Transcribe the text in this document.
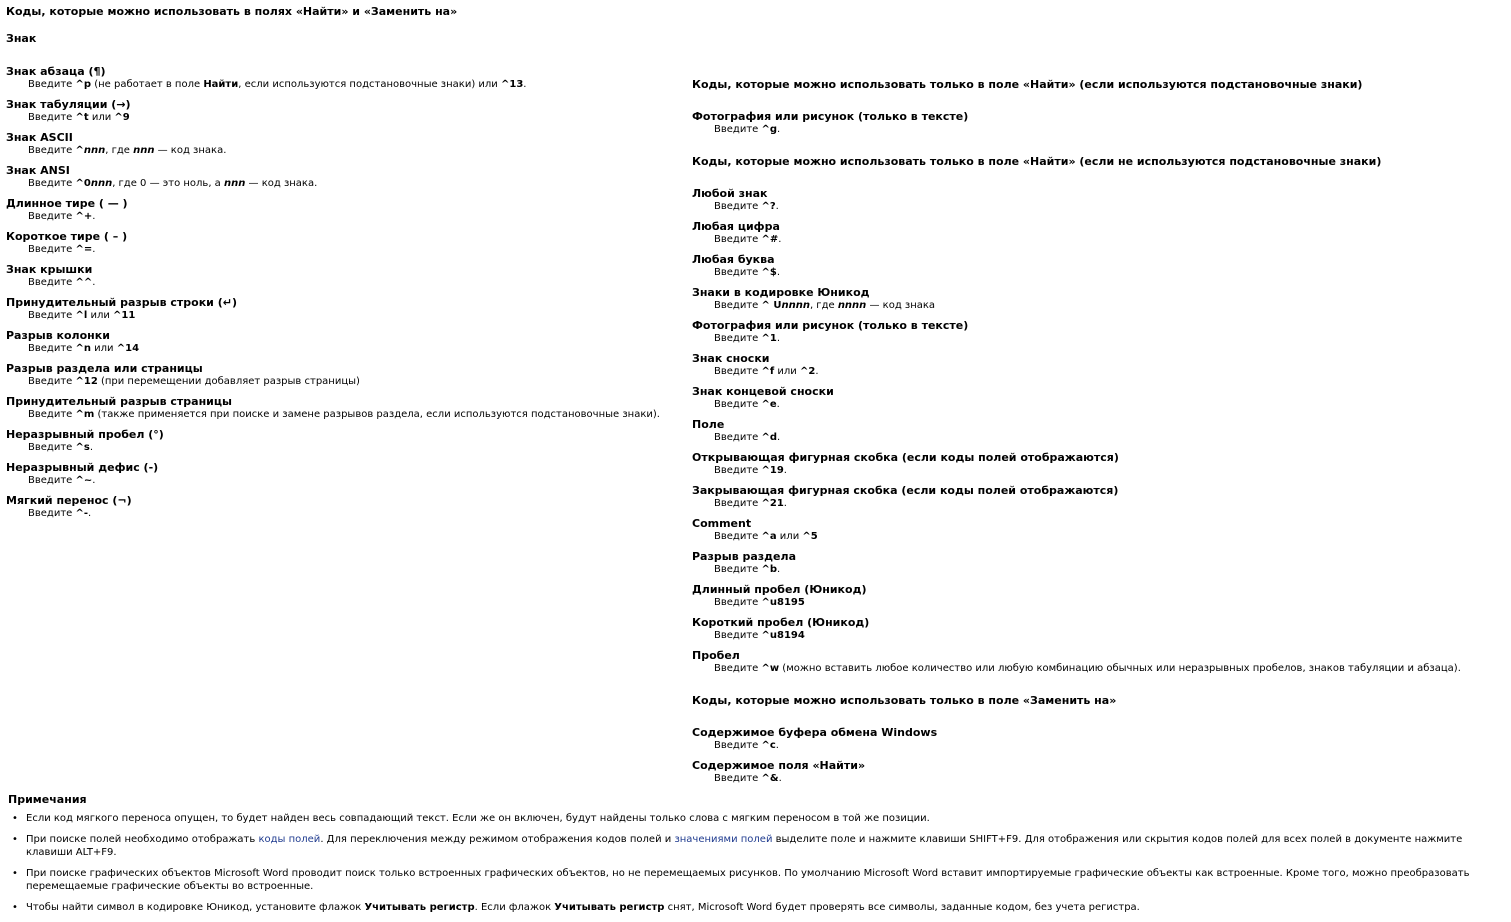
Коды, которые можно использовать в полях «Найти» и «Заменить на»
Знак
Знак абзаца (¶)
Введите ^p (не работает в поле Найти, если используются подстановочные знаки) или ^13.
Знак табуляции (→)
Введите ^t или ^9
Знак ASCII
Введите ^nnn, где nnn — код знака.
Знак ANSI
Введите ^0nnn, где 0 — это ноль, а nnn — код знака.
Длинное тире ( — )
Введите ^+.
Короткое тире ( – )
Введите ^=.
Знак крышки
Введите ^^.
Принудительный разрыв строки (↵)
Введите ^l или ^11
Разрыв колонки
Введите ^n или ^14
Разрыв раздела или страницы
Введите ^12 (при перемещении добавляет разрыв страницы)
Принудительный разрыв страницы
Введите ^m (также применяется при поиске и замене разрывов раздела, если используются подстановочные знаки).
Неразрывный пробел (°)
Введите ^s.
Неразрывный дефис (‑)
Введите ^~.
Мягкий перенос (¬)
Введите ^-.
Коды, которые можно использовать только в поле «Найти» (если используются подстановочные знаки)
Фотография или рисунок (только в тексте)
Введите ^g.
Коды, которые можно использовать только в поле «Найти» (если не используются подстановочные знаки)
Любой знак
Введите ^?.
Любая цифра
Введите ^#.
Любая буква
Введите ^$.
Знаки в кодировке Юникод
Введите ^ Unnnn, где nnnn — код знака
Фотография или рисунок (только в тексте)
Введите ^1.
Знак сноски
Введите ^f или ^2.
Знак концевой сноски
Введите ^e.
Поле
Введите ^d.
Открывающая фигурная скобка (если коды полей отображаются)
Введите ^19.
Закрывающая фигурная скобка (если коды полей отображаются)
Введите ^21.
Comment
Введите ^a или ^5
Разрыв раздела
Введите ^b.
Длинный пробел (Юникод)
Введите ^u8195
Короткий пробел (Юникод)
Введите ^u8194
Пробел
Введите ^w (можно вставить любое количество или любую комбинацию обычных или неразрывных пробелов, знаков табуляции и абзаца).
Коды, которые можно использовать только в поле «Заменить на»
Содержимое буфера обмена Windows
Введите ^c.
Содержимое поля «Найти»
Введите ^&.
Примечания
• Если код мягкого переноса опущен, то будет найден весь совпадающий текст. Если же он включен, будут найдены только слова с мягким переносом в той же позиции.
• При поиске полей необходимо отображать коды полей. Для переключения между режимом отображения кодов полей и значениями полей выделите поле и нажмите клавиши SHIFT+F9. Для отображения или скрытия кодов полей для всех полей в документе нажмите клавиши ALT+F9.
• При поиске графических объектов Microsoft Word проводит поиск только встроенных графических объектов, но не перемещаемых рисунков. По умолчанию Microsoft Word вставит импортируемые графические объекты как встроенные. Кроме того, можно преобразовать перемещаемые графические объекты во встроенные.
• Чтобы найти символ в кодировке Юникод, установите флажок Учитывать регистр. Если флажок Учитывать регистр снят, Microsoft Word будет проверять все символы, заданные кодом, без учета регистра.
